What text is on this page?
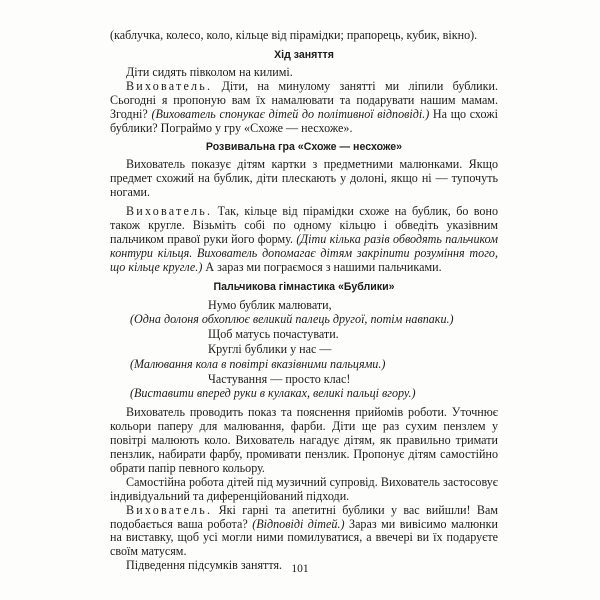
(каблучка, колесо, коло, кільце від пірамідки; прапорець, кубик, вікно).

Хід заняття

Діти сидять півколом на килимі.

Вихователь. Діти, на минулому занятті ми ліпили бублики. Сьогодні я пропоную вам їх намалювати та подарувати нашим мамам. Згодні? (Вихователь спонукає дітей до політивної відповіді.) На що схожі бублики? Пограймо у гру «Схоже — несхоже».

Розвивальна гра «Схоже — несхоже»

Вихователь показує дітям картки з предметними малюнками. Якщо предмет схожий на бублик, діти плескають у долоні, якщо ні — тупочуть ногами.

Вихователь. Так, кільце від пірамідки схоже на бублик, бо воно також кругле. Візьміть собі по одному кільцю і обведіть указівним пальчиком правої руки його форму. (Діти кілька разів обводять пальчиком контури кільця. Вихователь допомагає дітям закріпити розуміння того, що кільце кругле.) А зараз ми пограємося з нашими пальчиками.

Пальчикова гімнастика «Бублики»

Нумо бублик малювати,

(Одна долоня обхоплює великий палець другої, потім навпаки.)

Щоб матусь почастувати.

Круглі бублики у нас —

(Малювання кола в повітрі вказівними пальцями.)

Частування — просто клас!

(Виставити вперед руки в кулаках, великі пальці вгору.)

Вихователь проводить показ та пояснення прийомів роботи. Уточнює кольори паперу для малювання, фарби. Діти ще раз сухим пензлем у повітрі малюють коло. Вихователь нагадує дітям, як правильно тримати пензлик, набирати фарбу, промивати пензлик. Пропонує дітям самостійно обрати папір певного кольору.

Самостійна робота дітей під музичний супровід. Вихователь застосовує індивідуальний та диференційований підходи.

Вихователь. Які гарні та апетитні бублики у вас вийшли! Вам подобається ваша робота? (Відповіді дітей.) Зараз ми вивісимо малюнки на виставку, щоб усі могли ними помилуватися, а ввечері ви їх подаруєте своїм матусям.

Підведення підсумків заняття. 101
